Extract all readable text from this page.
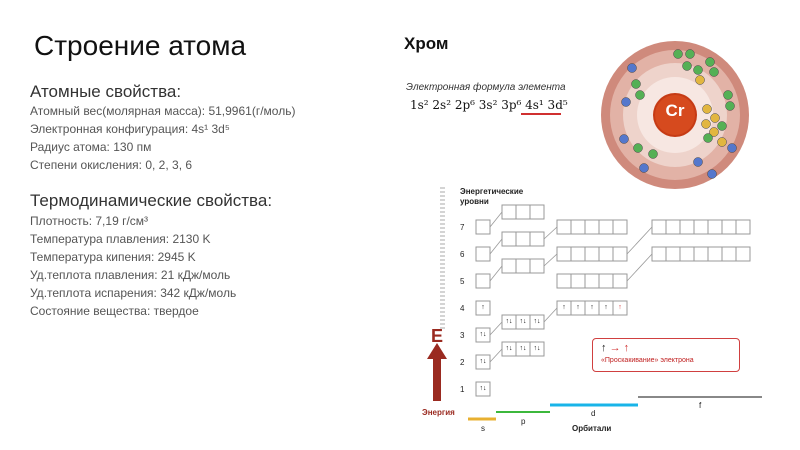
Строение атома
Атомные свойства:
Атомный вес(молярная масса): 51,9961(г/моль)
Электронная конфигурация: 4s¹ 3d⁵
Радиус атома: 130 пм
Степени окисления: 0, 2, 3, 6
Термодинамические свойства:
Плотность: 7,19 г/см³
Температура плавления: 2130 K
Температура кипения: 2945 K
Уд.теплота плавления: 21 кДж/моль
Уд.теплота испарения: 342 кДж/моль
Состояние вещества: твердое
Хром
Электронная формула элемента
1s² 2s² 2p⁶ 3s² 3p⁶ 4s¹ 3d⁵	Cr
Энергетические
уровни
7
6
5
4
3
2
1
E
Энергия
↑
↑↓	↑↓	↑↓
↑↓
↑↓	↑↓	↑↓
↑↓
↑↓
↑	↑	↑	↑	↑
s
p
d
f
Орбитали
↑ → ↑
«Проскакивание» электрона
